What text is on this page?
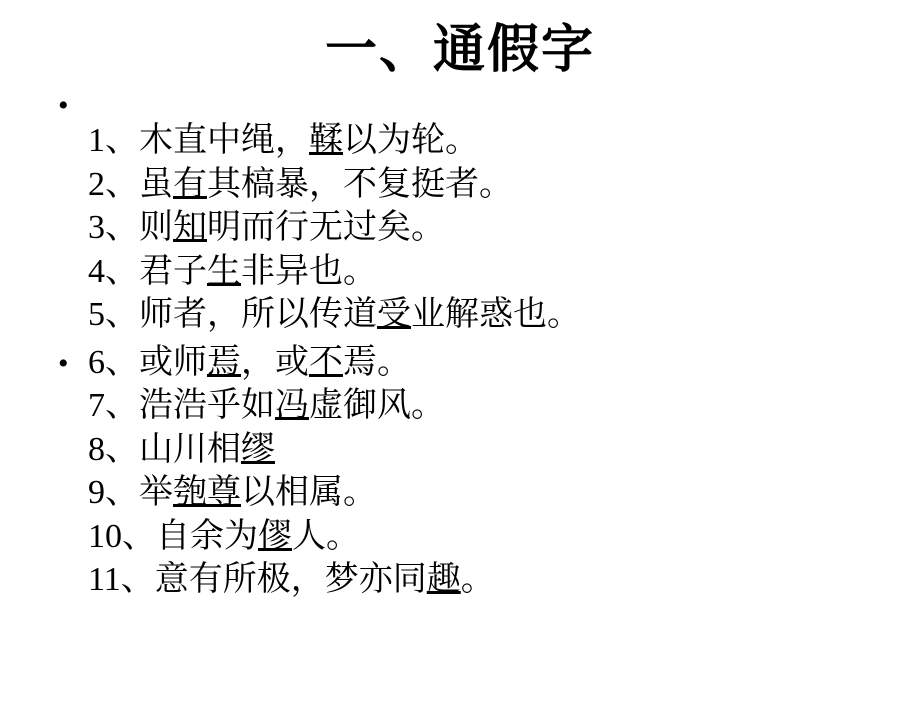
一、通假字
•
1、木直中绳，鞣以为轮。
2、虽有其槁暴，不复挺者。
3、则知明而行无过矣。
4、君子生非异也。
5、师者，所以传道受业解惑也。
• 6、或师焉，或不焉。
7、浩浩乎如冯虚御风。
8、山川相缪
9、举匏尊以相属。
10、自余为僇人。
11、意有所极，梦亦同趣。
